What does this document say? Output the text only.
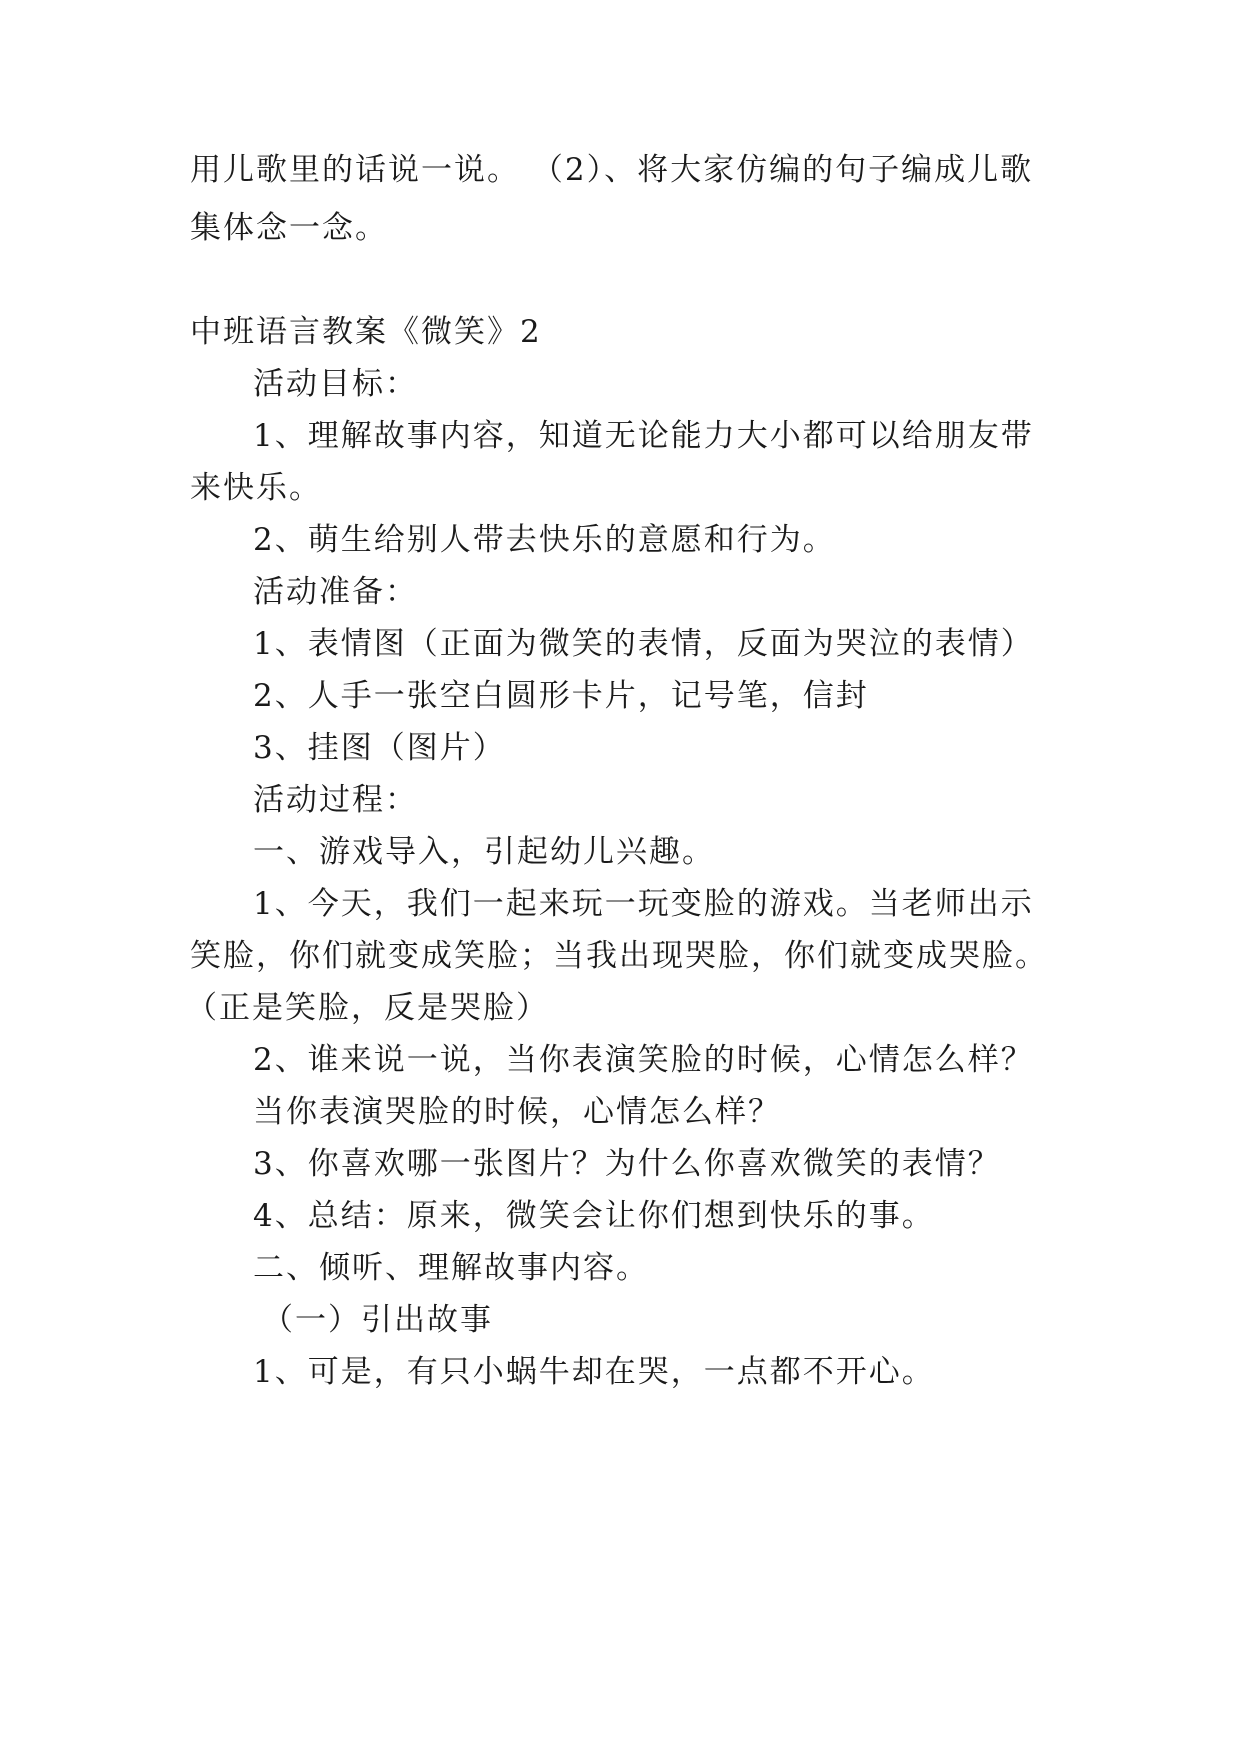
用儿歌里的话说一说。 （2）、将大家仿编的句子编成儿歌
集体念一念。
中班语言教案《微笑》2
活动目标：
1、理解故事内容，知道无论能力大小都可以给朋友带
来快乐。
2、萌生给别人带去快乐的意愿和行为。
活动准备：
1、表情图（正面为微笑的表情，反面为哭泣的表情）
2、人手一张空白圆形卡片，记号笔，信封
3、挂图（图片）
活动过程：
一、游戏导入，引起幼儿兴趣。
1、今天，我们一起来玩一玩变脸的游戏。当老师出示
笑脸，你们就变成笑脸；当我出现哭脸，你们就变成哭脸。
（正是笑脸，反是哭脸）
2、谁来说一说，当你表演笑脸的时候，心情怎么样？
当你表演哭脸的时候，心情怎么样？
3、你喜欢哪一张图片？为什么你喜欢微笑的表情？
4、总结：原来，微笑会让你们想到快乐的事。
二、倾听、理解故事内容。
（一）引出故事
1、可是，有只小蜗牛却在哭，一点都不开心。
